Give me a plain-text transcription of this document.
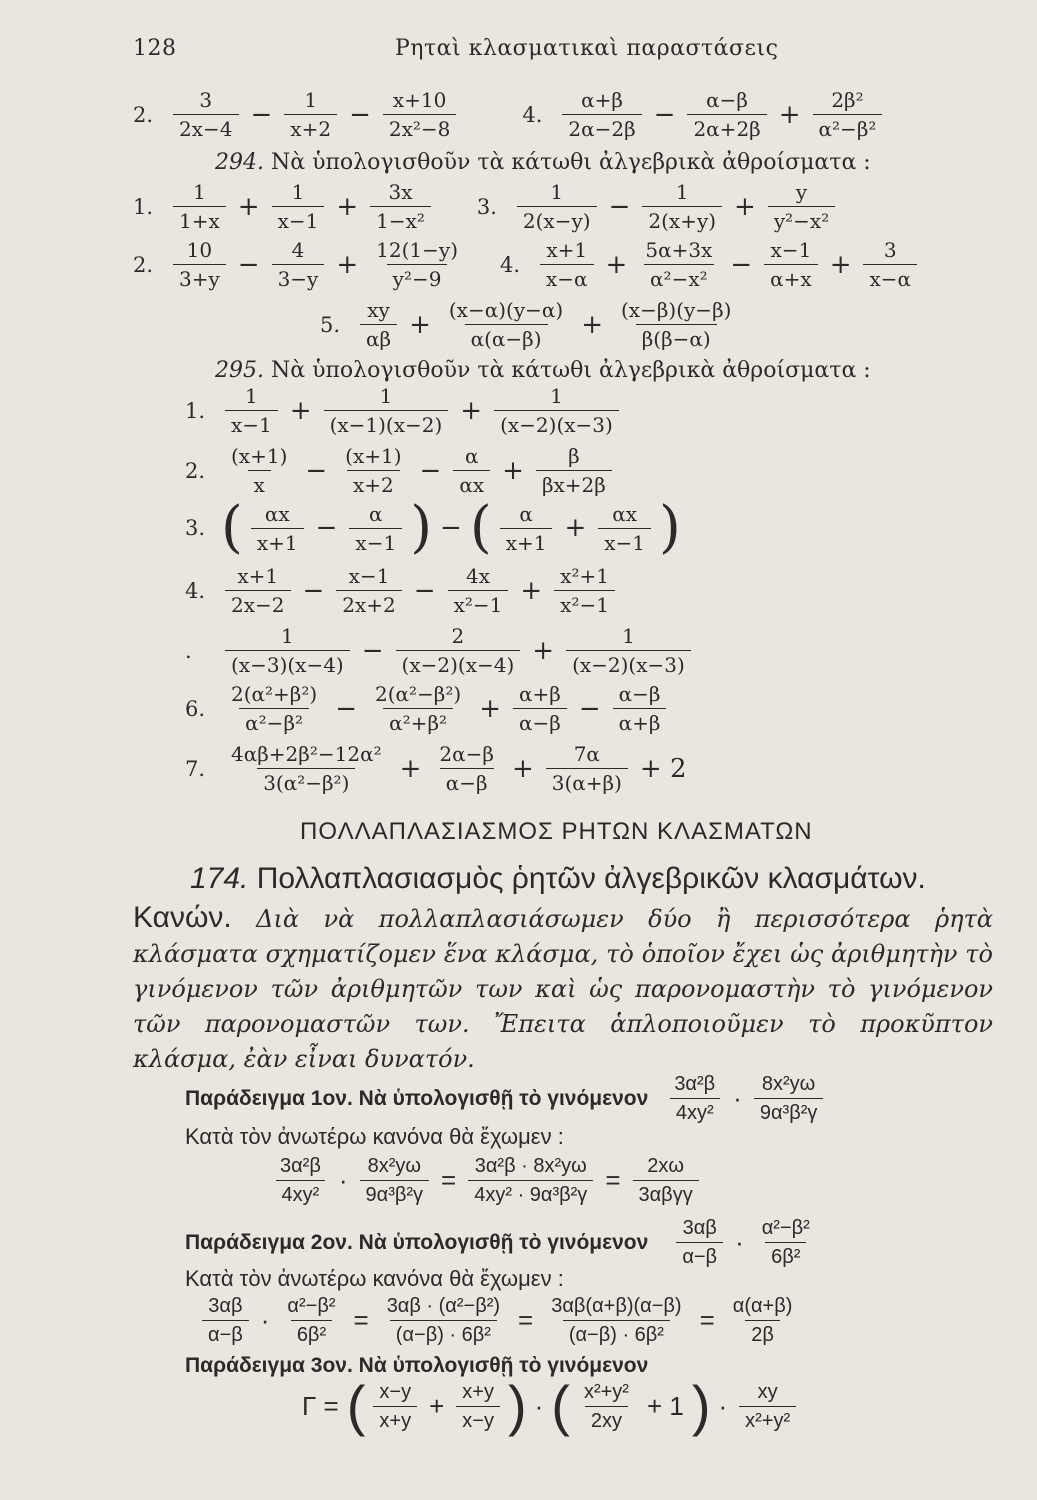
128	Ρηταὶ κλασματικαὶ παραστάσεις
2.
3
$2x-4 - \frac{1}{x+2} - \frac{x+10}{\text{2x²−8}}$	4.
α+β
$2\alpha-2\beta - \frac{\alpha-\beta}{2\alpha+2\beta} + \frac{\text{2β²}}{\text{α²−β²}}$
294. Νὰ ὑπολογισθοῦν τὰ κάτωθι ἀλγεβρικὰ ἀθροίσματα :
1.
1
$1+x + \frac{1}{x-1} + \frac{3x}{\text{1−x²}} 3$.
1
$2(x-y) - \frac{1}{2(x+y)} + \frac{y}{\text{y²−x²}}$
2.
10
$3+y - \frac{4}{3-y} + \frac{12(1-y)}{\text{y²−9}} 4$.
x+1
$x-\alpha + \frac{5\alpha+3x}{\text{α²−x²}} - \frac{x-1}{\alpha+x} + \frac{3}{x-\alpha}$
5.
xy
$\alpha\beta + \frac{(x-\alpha)(y-\alpha)}{\alpha(\alpha-\beta)} + \frac{(x-\beta)(y-\beta)}{\beta(\beta-\alpha)}$
295. Νὰ ὑπολογισθοῦν τὰ κάτωθι ἀλγεβρικὰ ἀθροίσματα :
1.
1
$x-1 + \frac{1}{(x-1)(x-2)} + \frac{1}{(x-2)(x-3)}$
2.
(x+1)
$x - \frac{(x+1)}{x+2} - \frac{\alpha}{\alpha x} + \frac{\beta}{\beta x+2\beta}$
3. (	αx
$x+1 - \frac{\alpha}{x-1}$ ) − (	α
$x+1 + \frac{\alpha x}{x-1}$ )
4.
x+1
$2x-2 - \frac{x-1}{2x+2} - \frac{4x}{\text{x²−1}} + \frac{\text{x²+1}}{\text{x²−1}}$
.
1
$(x-3)(x-4) - \frac{2}{(x-2)(x-4)} + \frac{1}{(x-2)(x-3)}$
6.
2(α²+β²)
$\alpha^2-\beta^2 - \frac{\text{2(α²−β²)}}{\text{α²+β²}} + \frac{\alpha+\beta}{\alpha-\beta} - \frac{\alpha-\beta}{\alpha+\beta}$
7.
4αβ+2β²−12α²
$3(\alpha^2-\beta^2) + \frac{2\alpha-\beta}{\alpha-\beta} + \frac{7\alpha}{3(\alpha+\beta)} + 2$
ΠΟΛΛΑΠΛΑΣΙΑΣΜΟΣ ΡΗΤΩΝ ΚΛΑΣΜΑΤΩΝ
174. Πολλαπλασιασμὸς ῥητῶν ἀλγεβρικῶν κλασμάτων.
Κανών. Διὰ νὰ πολλαπλασιάσωμεν δύο ἢ περισσότερα ῥητὰ κλάσματα σχηματίζομεν ἕνα κλάσμα, τὸ ὁποῖον ἔχει ὡς ἀριθμητὴν τὸ γινόμενον τῶν ἀριθμητῶν των καὶ ὡς παρονομαστὴν τὸ γινόμενον τῶν παρονομαστῶν των. Ἔπειτα ἁπλοποιοῦμεν τὸ προκῦπτον κλάσμα, ἐὰν εἶναι δυνατόν.
Παράδειγμα 1ον.
Νὰ ὑπολογισθῇ τὸ γινόμενον
3α²β
4xy² ·	8x²yω
9α³β²γ
Κατὰ τὸν ἀνωτέρω κανόνα θὰ ἔχωμεν :
3α²β
$4xy^2 \cdot \frac{\text{8x²yω}}{\text{9α³β²γ}} = \frac{\text{3α²β · 8x²yω}}{\text{4xy² · 9α³β²γ}}$ =	2xω
3αβγγ
Παράδειγμα 2ον.
Νὰ ὑπολογισθῇ τὸ γινόμενον
3αβ
α−β · α²−β²
6β²
Κατὰ τὸν ἀνωτέρω κανόνα θὰ ἔχωμεν :
3αβ
$\alpha-\beta \cdot \frac{\text{α²−β²}}{\text{6β²}} = \frac{\text{3αβ · (α²−β²)}}{\text{(α−β) · 6β²}} = \frac{3\alpha\beta(\alpha+\beta)(\alpha-\beta)}{\text{(α−β) · 6β²}} = \frac{\alpha(\alpha+\beta)}{2\beta}$
Παράδειγμα 3ον.
Νὰ ὑπολογισθῇ τὸ γινόμενον
Γ = ( x−y
$x+y + \frac{x+y}{x-y}$ ) · ( x²+y²
2xy + 1 ) ·	xy
x²+y²
